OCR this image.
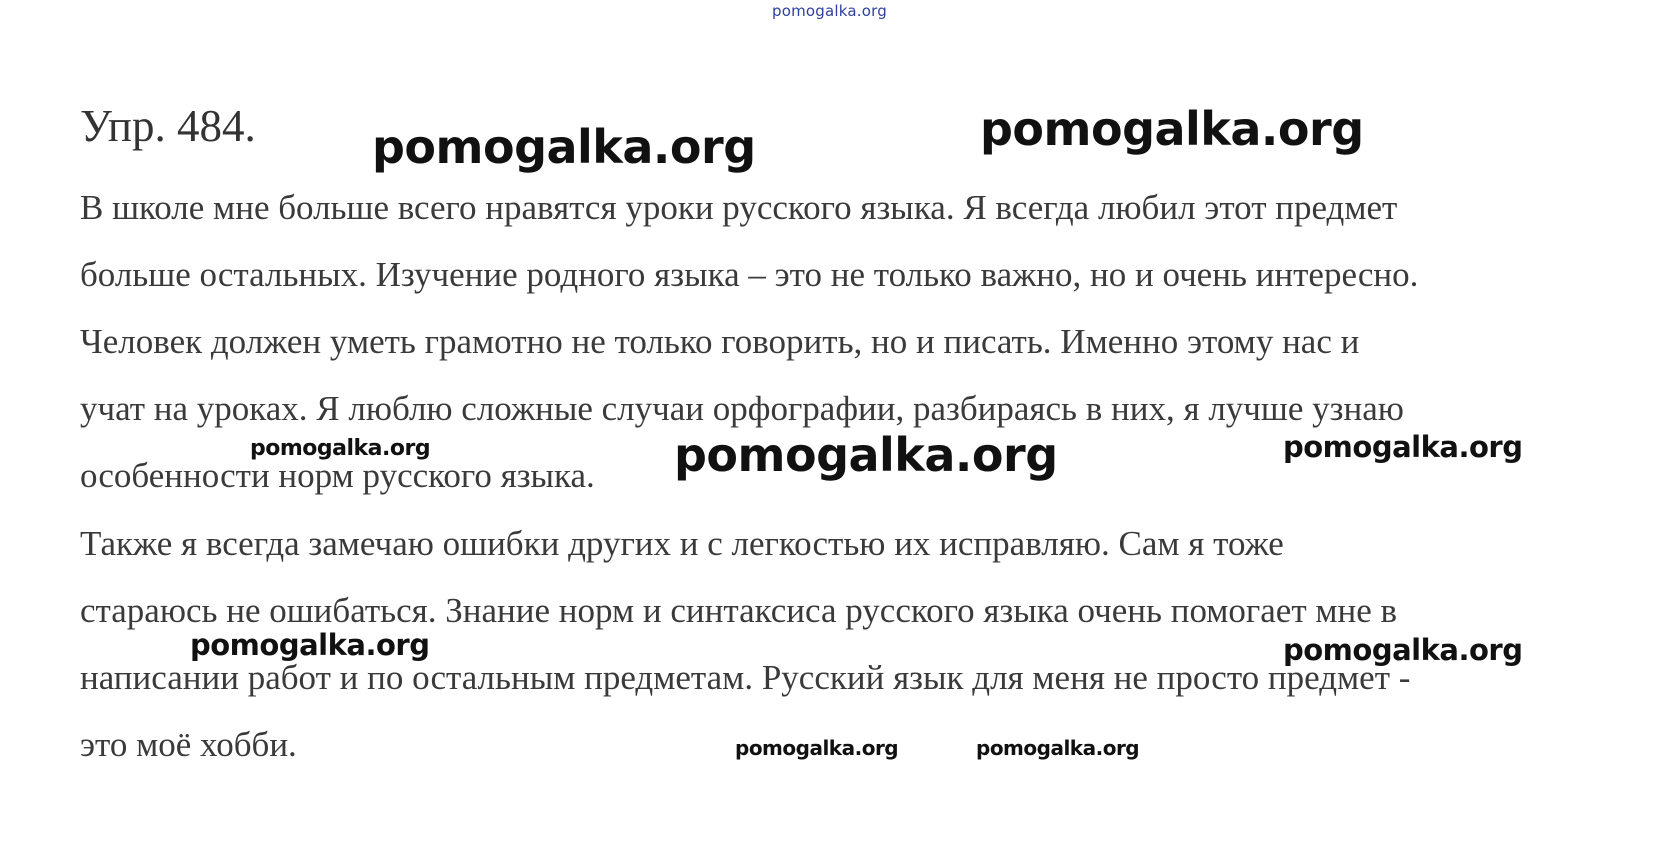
pomogalka.org
Упр. 484.
В школе мне больше всего нравятся уроки русского языка. Я всегда любил этот предмет
больше остальных. Изучение родного языка – это не только важно, но и очень интересно.
Человек должен уметь грамотно не только говорить, но и писать. Именно этому нас и
учат на уроках. Я люблю сложные случаи орфографии, разбираясь в них, я лучше узнаю
особенности норм русского языка.
Также я всегда замечаю ошибки других и с легкостью их исправляю. Сам я тоже
стараюсь не ошибаться. Знание норм и синтаксиса русского языка очень помогает мне в
написании работ и по остальным предметам. Русский язык для меня не просто предмет -
это моё хобби.
pomogalka.org	pomogalka.org
pomogalka.org	pomogalka.org	pomogalka.org
pomogalka.org	pomogalka.org
pomogalka.org	pomogalka.org
